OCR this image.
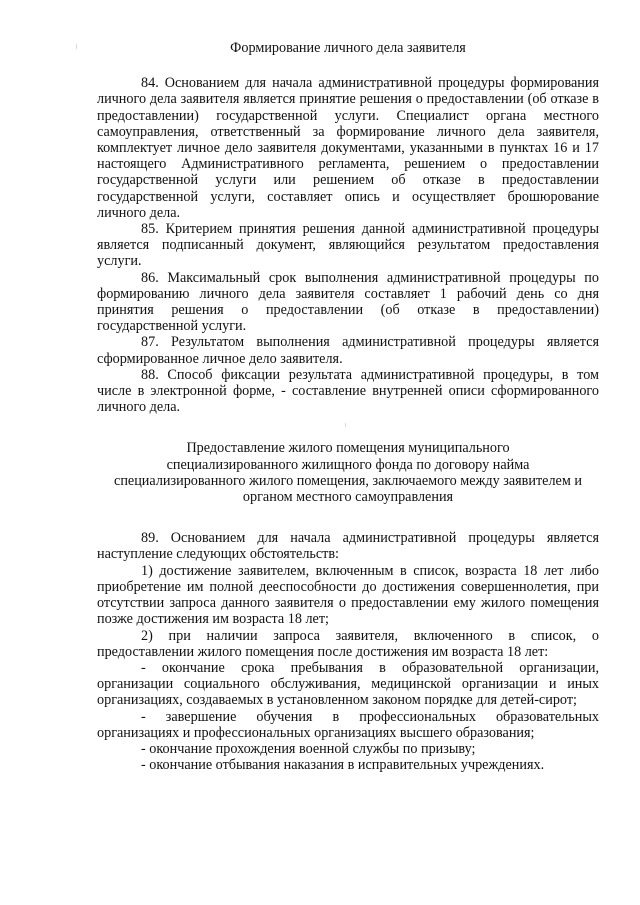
Формирование личного дела заявителя

84. Основанием для начала административной процедуры формирования личного дела заявителя является принятие решения о предоставлении (об отказе в предоставлении) государственной услуги. Специалист органа местного самоуправления, ответственный за формирование личного дела заявителя, комплектует личное дело заявителя документами, указанными в пунктах 16 и 17 настоящего Административного регламента, решением о предоставлении государственной услуги или решением об отказе в предоставлении государственной услуги, составляет опись и осуществляет брошюрование личного дела.

85. Критерием принятия решения данной административной процедуры является подписанный документ, являющийся результатом предоставления услуги.

86. Максимальный срок выполнения административной процедуры по формированию личного дела заявителя составляет 1 рабочий день со дня принятия решения о предоставлении (об отказе в предоставлении) государственной услуги.

87. Результатом выполнения административной процедуры является сформированное личное дело заявителя.

88. Способ фиксации результата административной процедуры, в том числе в электронной форме, - составление внутренней описи сформированного личного дела.

Предоставление жилого помещения муниципального
специализированного жилищного фонда по договору найма
специализированного жилого помещения, заключаемого между заявителем и
органом местного самоуправления

89. Основанием для начала административной процедуры является наступление следующих обстоятельств:

1) достижение заявителем, включенным в список, возраста 18 лет либо приобретение им полной дееспособности до достижения совершеннолетия, при отсутствии запроса данного заявителя о предоставлении ему жилого помещения позже достижения им возраста 18 лет;

2) при наличии запроса заявителя, включенного в список, о предоставлении жилого помещения после достижения им возраста 18 лет:

- окончание срока пребывания в образовательной организации, организации социального обслуживания, медицинской организации и иных организациях, создаваемых в установленном законом порядке для детей-сирот;

- завершение обучения в профессиональных образовательных организациях и профессиональных организациях высшего образования;

- окончание прохождения военной службы по призыву;

- окончание отбывания наказания в исправительных учреждениях.
